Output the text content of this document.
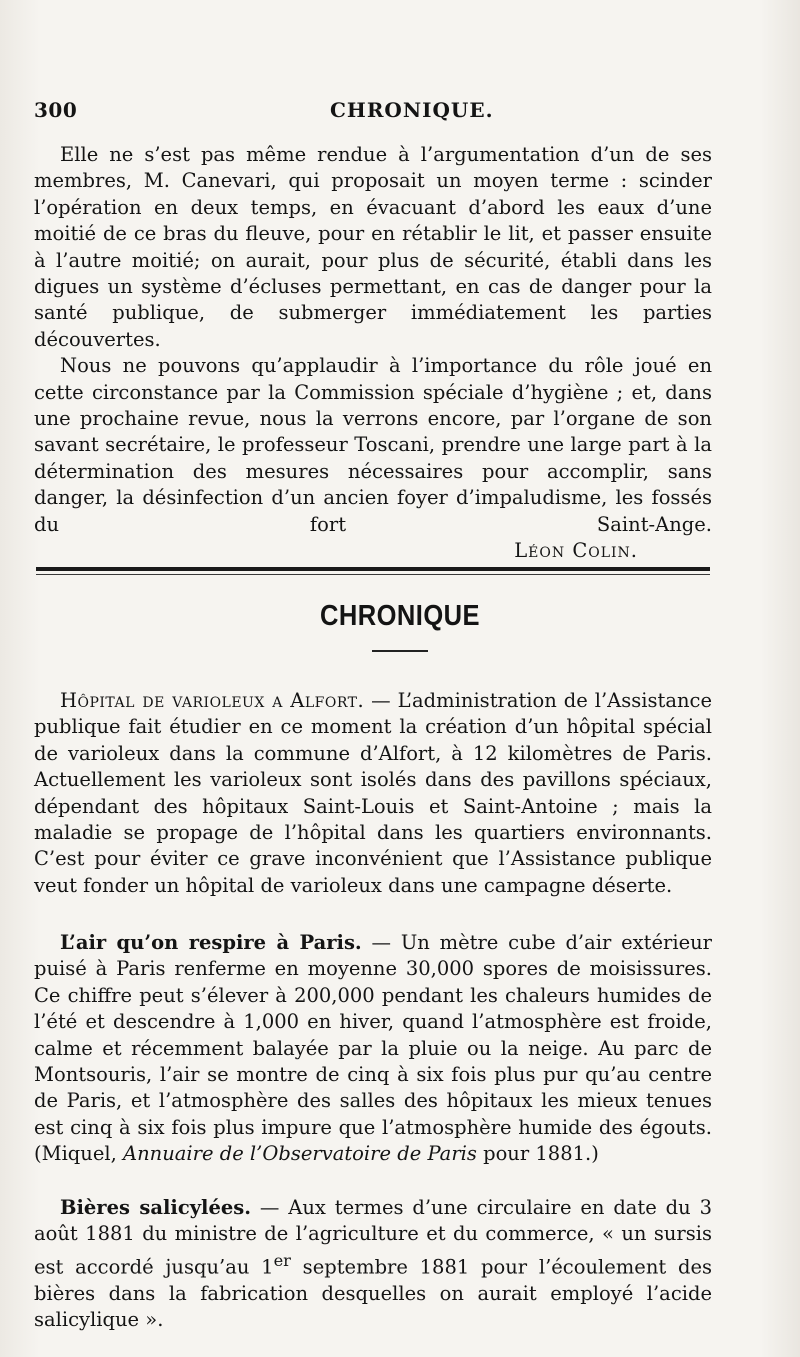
300	CHRONIQUE.

Elle ne s’est pas même rendue à l’argumentation d’un de ses membres, M. Canevari, qui proposait un moyen terme : scinder l’opération en deux temps, en évacuant d’abord les eaux d’une moitié de ce bras du fleuve, pour en rétablir le lit, et passer ensuite à l’autre moitié; on aurait, pour plus de sécurité, établi dans les digues un système d’écluses permettant, en cas de danger pour la santé publique, de submerger immédiatement les parties découvertes.

Nous ne pouvons qu’applaudir à l’importance du rôle joué en cette circonstance par la Commission spéciale d’hygiène ; et, dans une prochaine revue, nous la verrons encore, par l’organe de son savant secrétaire, le professeur Toscani, prendre une large part à la détermination des mesures nécessaires pour accomplir, sans danger, la désinfection d’un ancien foyer d’impaludisme, les fossés du fort Saint-Ange.

Léon Colin.
CHRONIQUE

Hôpital de varioleux a Alfort. — L’administration de l’Assistance publique fait étudier en ce moment la création d’un hôpital spécial de varioleux dans la commune d’Alfort, à 12 kilomètres de Paris. Actuellement les varioleux sont isolés dans des pavillons spéciaux, dépendant des hôpitaux Saint-Louis et Saint-Antoine ; mais la maladie se propage de l’hôpital dans les quartiers environnants. C’est pour éviter ce grave inconvénient que l’Assistance publique veut fonder un hôpital de varioleux dans une campagne déserte.

L’air qu’on respire à Paris. — Un mètre cube d’air extérieur puisé à Paris renferme en moyenne 30,000 spores de moisissures. Ce chiffre peut s’élever à 200,000 pendant les chaleurs humides de l’été et descendre à 1,000 en hiver, quand l’atmosphère est froide, calme et récemment balayée par la pluie ou la neige. Au parc de Montsouris, l’air se montre de cinq à six fois plus pur qu’au centre de Paris, et l’atmosphère des salles des hôpitaux les mieux tenues est cinq à six fois plus impure que l’atmosphère humide des égouts. (Miquel, Annuaire de l’Observatoire de Paris pour 1881.)

Bières salicylées. — Aux termes d’une circulaire en date du 3 août 1881 du ministre de l’agriculture et du commerce, « un sursis est accordé jusqu’au 1er septembre 1881 pour l’écoulement des bières dans la fabrication desquelles on aurait employé l’acide salicylique ».
